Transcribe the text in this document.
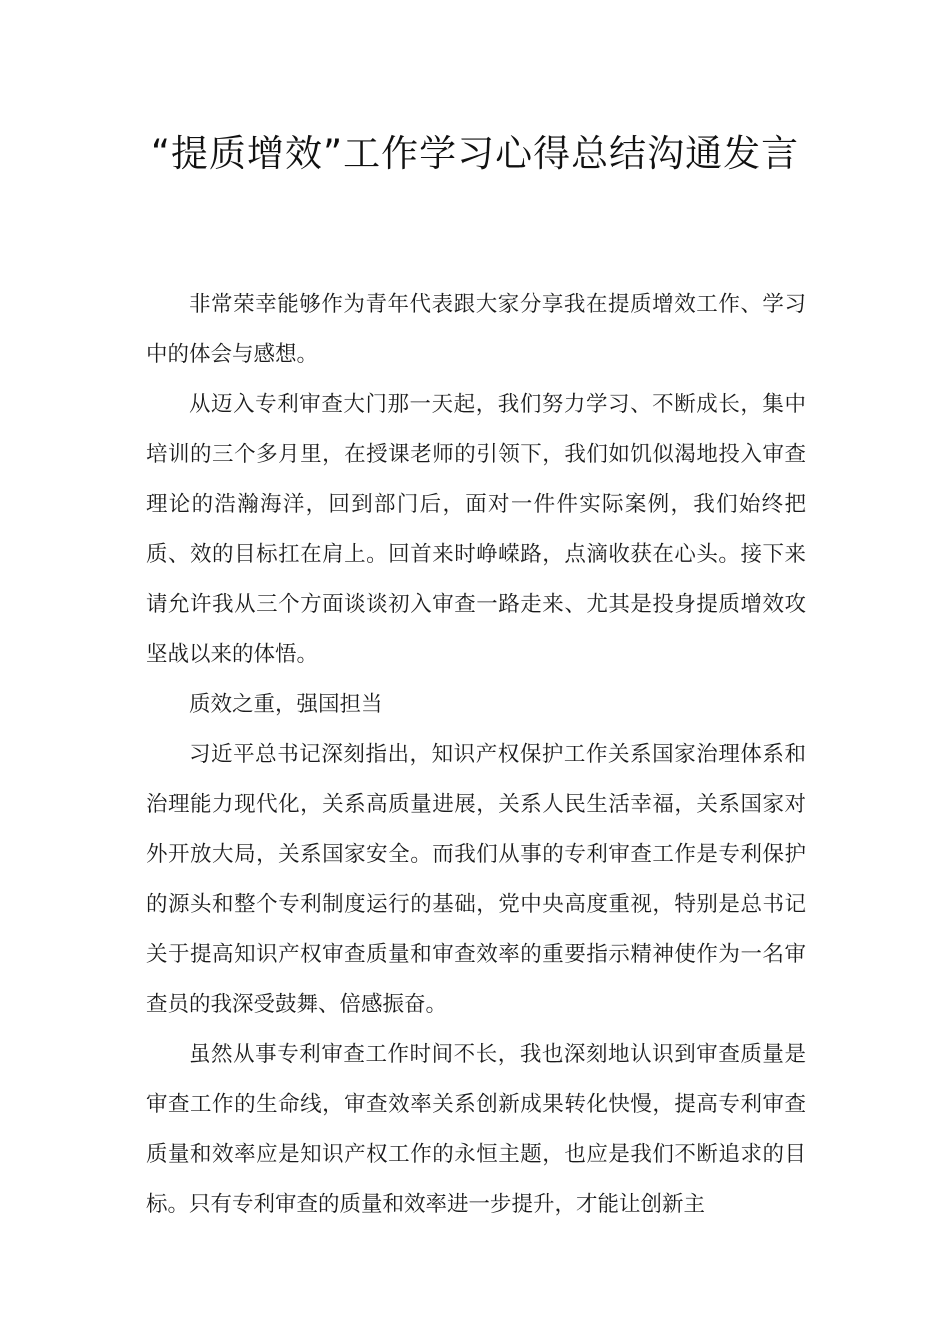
“提质增效”工作学习心得总结沟通发言

非常荣幸能够作为青年代表跟大家分享我在提质增效工作、学习中的体会与感想。

从迈入专利审查大门那一天起，我们努力学习、不断成长，集中培训的三个多月里，在授课老师的引领下，我们如饥似渴地投入审查理论的浩瀚海洋，回到部门后，面对一件件实际案例，我们始终把质、效的目标扛在肩上。回首来时峥嵘路，点滴收获在心头。接下来请允许我从三个方面谈谈初入审查一路走来、尤其是投身提质增效攻坚战以来的体悟。

质效之重，强国担当

习近平总书记深刻指出，知识产权保护工作关系国家治理体系和治理能力现代化，关系高质量进展，关系人民生活幸福，关系国家对外开放大局，关系国家安全。而我们从事的专利审查工作是专利保护的源头和整个专利制度运行的基础，党中央高度重视，特别是总书记关于提高知识产权审查质量和审查效率的重要指示精神使作为一名审查员的我深受鼓舞、倍感振奋。

虽然从事专利审查工作时间不长，我也深刻地认识到审查质量是审查工作的生命线，审查效率关系创新成果转化快慢，提高专利审查质量和效率应是知识产权工作的永恒主题，也应是我们不断追求的目标。只有专利审查的质量和效率进一步提升，才能让创新主
